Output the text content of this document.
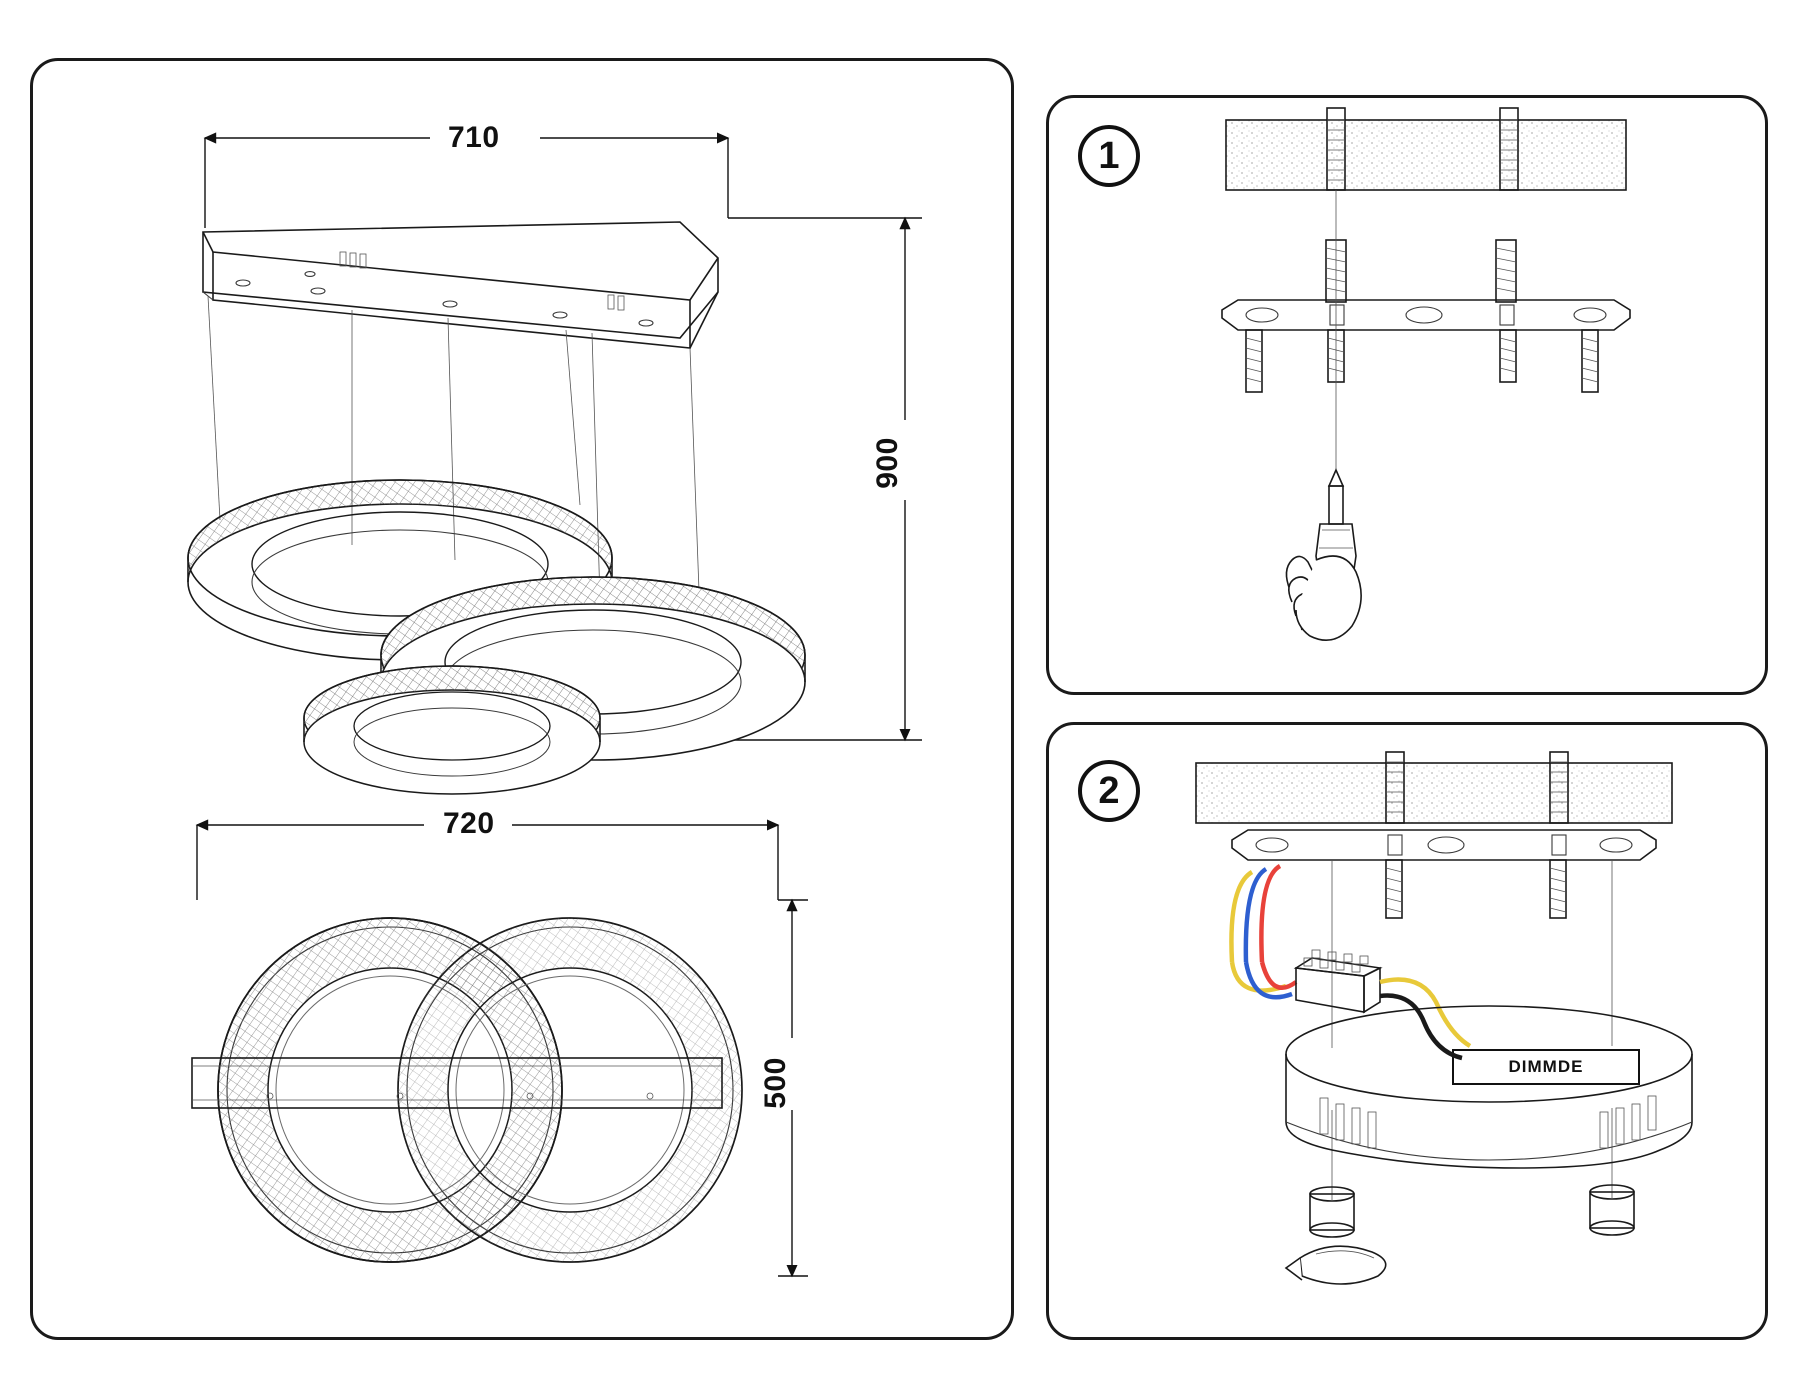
1
2
710
900
720
500	DIMMDE
